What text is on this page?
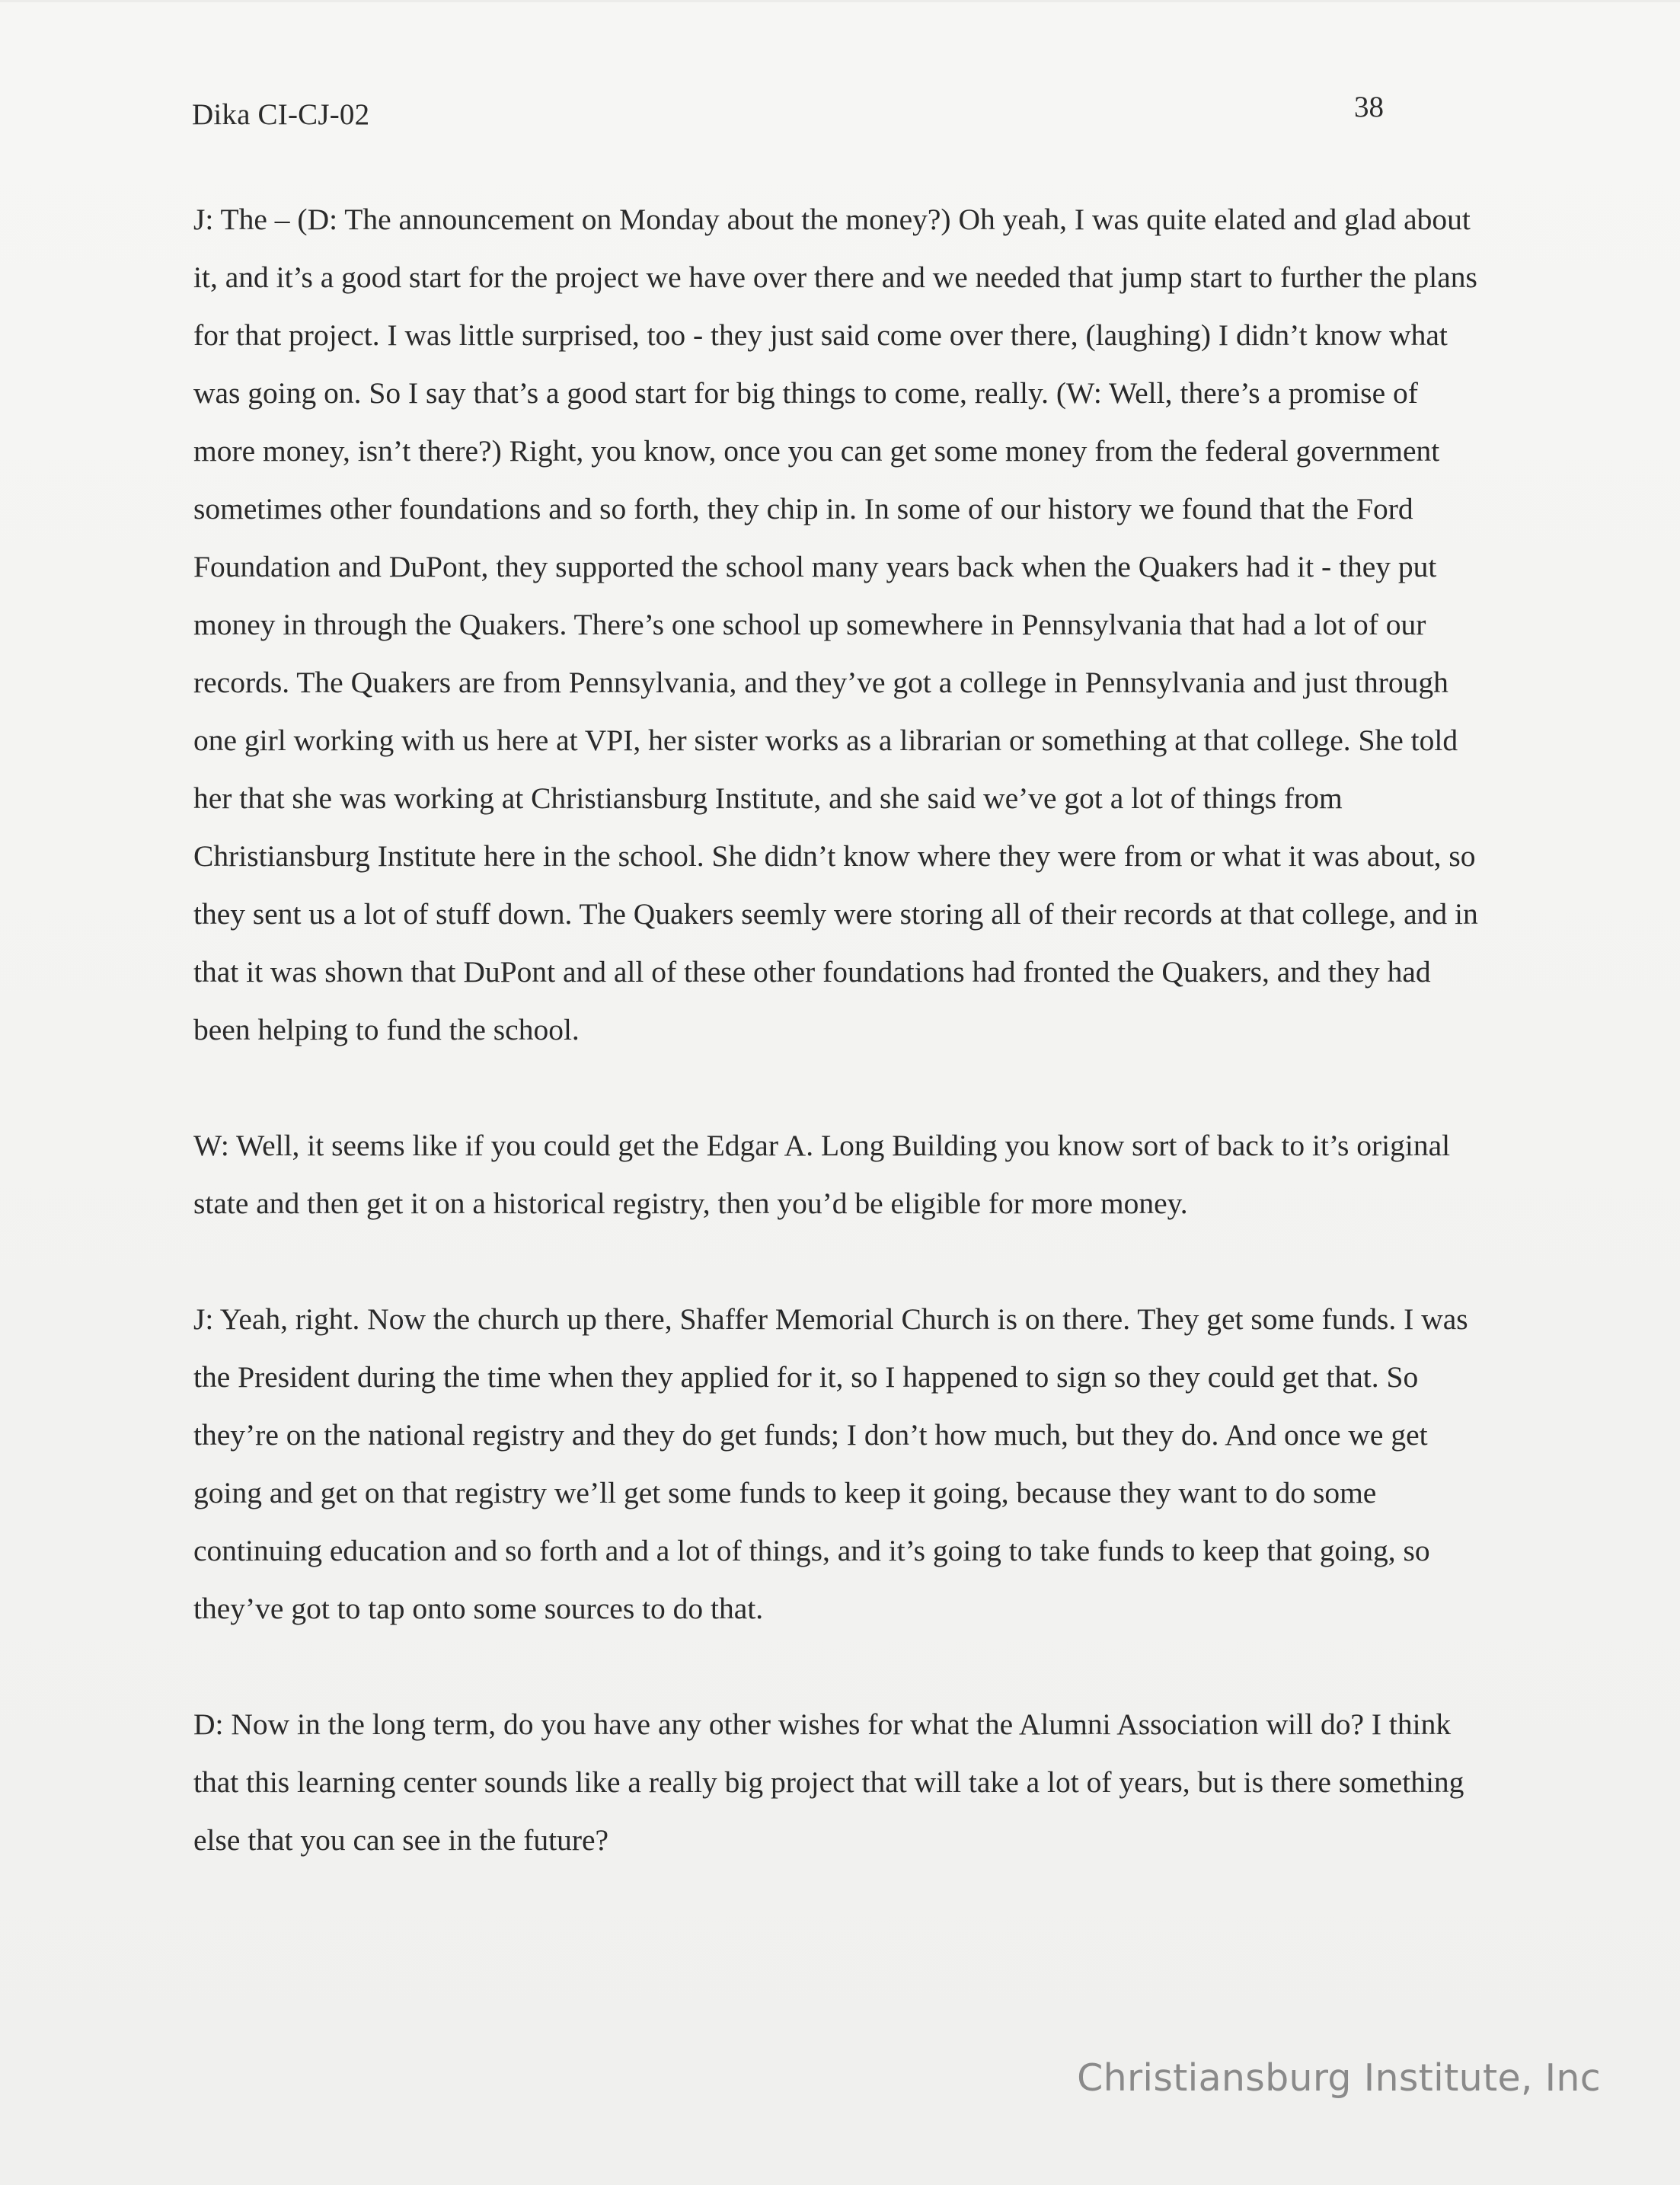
Dika CI-CJ-02	38

J: The – (D: The announcement on Monday about the money?) Oh yeah, I was quite elated and glad about it, and it’s a good start for the project we have over there and we needed that jump start to further the plans for that project. I was little surprised, too - they just said come over there, (laughing) I didn’t know what was going on. So I say that’s a good start for big things to come, really. (W: Well, there’s a promise of more money, isn’t there?) Right, you know, once you can get some money from the federal government sometimes other foundations and so forth, they chip in. In some of our history we found that the Ford Foundation and DuPont, they supported the school many years back when the Quakers had it - they put money in through the Quakers. There’s one school up somewhere in Pennsylvania that had a lot of our records. The Quakers are from Pennsylvania, and they’ve got a college in Pennsylvania and just through one girl working with us here at VPI, her sister works as a librarian or something at that college. She told her that she was working at Christiansburg Institute, and she said we’ve got a lot of things from Christiansburg Institute here in the school. She didn’t know where they were from or what it was about, so they sent us a lot of stuff down. The Quakers seemly were storing all of their records at that college, and in that it was shown that DuPont and all of these other foundations had fronted the Quakers, and they had been helping to fund the school.

W: Well, it seems like if you could get the Edgar A. Long Building you know sort of back to it’s original state and then get it on a historical registry, then you’d be eligible for more money.

J: Yeah, right. Now the church up there, Shaffer Memorial Church is on there. They get some funds. I was the President during the time when they applied for it, so I happened to sign so they could get that. So they’re on the national registry and they do get funds; I don’t how much, but they do. And once we get going and get on that registry we’ll get some funds to keep it going, because they want to do some continuing education and so forth and a lot of things, and it’s going to take funds to keep that going, so they’ve got to tap onto some sources to do that.

D: Now in the long term, do you have any other wishes for what the Alumni Association will do? I think that this learning center sounds like a really big project that will take a lot of years, but is there something else that you can see in the future?

Christiansburg Institute, Inc
